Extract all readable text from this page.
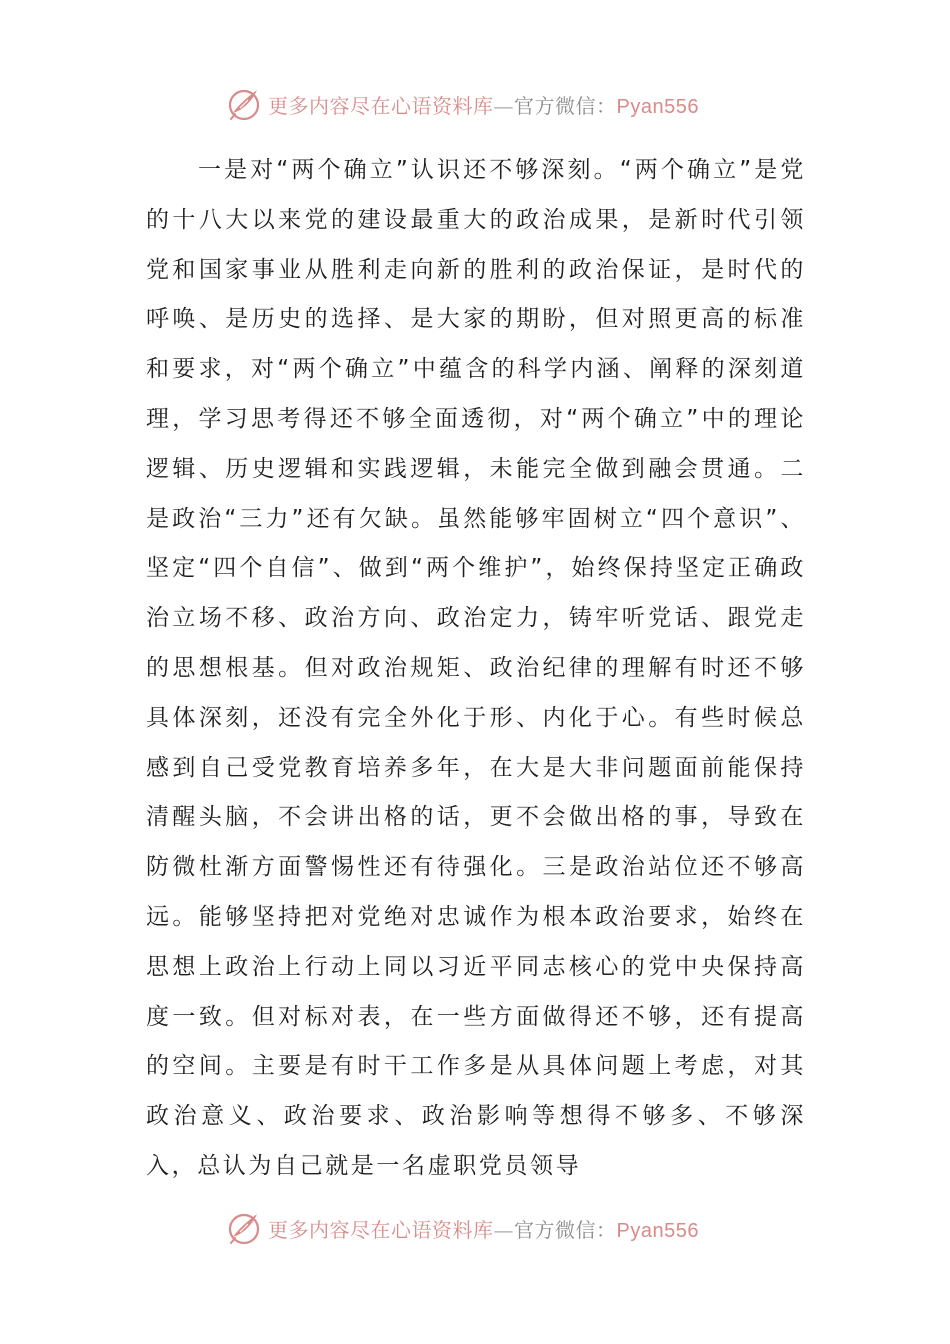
更多内容尽在心语资料库—官方微信：Pyan556

一是对“两个确立”认识还不够深刻。“两个确立”是党的十八大以来党的建设最重大的政治成果，是新时代引领党和国家事业从胜利走向新的胜利的政治保证，是时代的呼唤、是历史的选择、是大家的期盼，但对照更高的标准和要求，对“两个确立”中蕴含的科学内涵、阐释的深刻道理，学习思考得还不够全面透彻，对“两个确立”中的理论逻辑、历史逻辑和实践逻辑，未能完全做到融会贯通。二是政治“三力”还有欠缺。虽然能够牢固树立“四个意识”、坚定“四个自信”、做到“两个维护”，始终保持坚定正确政治立场不移、政治方向、政治定力，铸牢听党话、跟党走的思想根基。但对政治规矩、政治纪律的理解有时还不够具体深刻，还没有完全外化于形、内化于心。有些时候总感到自己受党教育培养多年，在大是大非问题面前能保持清醒头脑，不会讲出格的话，更不会做出格的事，导致在防微杜渐方面警惕性还有待强化。三是政治站位还不够高远。能够坚持把对党绝对忠诚作为根本政治要求，始终在思想上政治上行动上同以习近平同志核心的党中央保持高度一致。但对标对表，在一些方面做得还不够，还有提高的空间。主要是有时干工作多是从具体问题上考虑，对其政治意义、政治要求、政治影响等想得不够多、不够深入，总认为自己就是一名虚职党员领导

更多内容尽在心语资料库—官方微信：Pyan556
